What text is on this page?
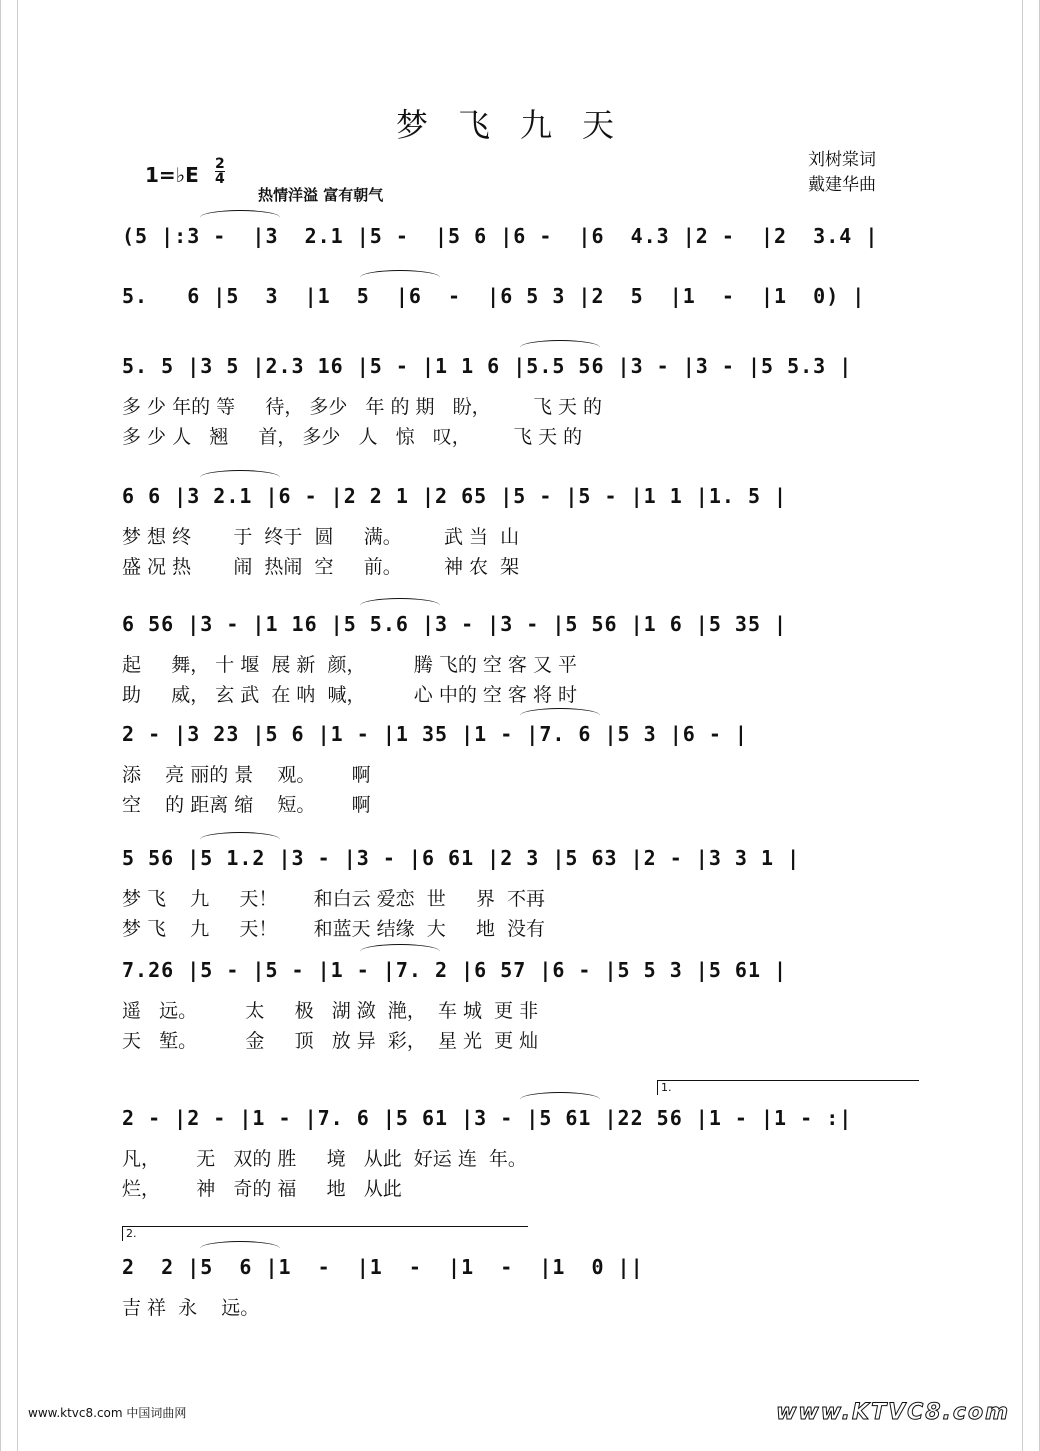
梦飞九天
刘树棠词
戴建华曲
1=♭E 2
4
热情洋溢 富有朝气
(5 |:3 -  |3  2.1 |5 -  |5 6 |6 -  |6  4.3 |2 -  |2  3.4 |
5.   6 |5  3  |1  5  |6  -  |6 5 3 |2  5  |1  -  |1  0) |
5. 5 |3 5 |2.3 16 |5 - |1 1 6 |5.5 56 |3 - |3 - |5 5.3 |
多 少 年的 等     待， 多少   年 的 期   盼，       飞 天 的
多 少 人   翘     首， 多少   人   惊   叹，       飞 天 的
6 6 |3 2.1 |6 - |2 2 1 |2 65 |5 - |5 - |1 1 |1. 5 |
梦 想 终       于  终于  圆     满。       武 当  山
盛 况 热       闹  热闹  空     前。       神 农  架
6 56 |3 - |1 16 |5 5.6 |3 - |3 - |5 56 |1 6 |5 35 |
起     舞， 十 堰  展 新  颜，        腾 飞的 空 客 又 平
助     威， 玄 武  在 呐  喊，        心 中的 空 客 将 时
2 - |3 23 |5 6 |1 - |1 35 |1 - |7. 6 |5 3 |6 - |
添    亮 丽的 景    观。      啊
空    的 距离 缩    短。      啊
5 56 |5 1.2 |3 - |3 - |6 61 |2 3 |5 63 |2 - |3 3 1 |
梦 飞    九     天！      和白云 爱恋  世     界  不再
梦 飞    九     天！      和蓝天 结缘  大     地  没有
7.26 |5 - |5 - |1 - |7. 2 |6 57 |6 - |5 5 3 |5 61 |
遥   远。        太     极   湖 潋  滟，  车 城  更 非
天   堑。        金     顶   放 异  彩，  星 光  更 灿
2 - |2 - |1 - |7. 6 |5 61 |3 - |5 61 |22 56 |1 - |1 - :|
凡，      无   双的 胜     境   从此  好运 连  年。
烂，      神   奇的 福     地   从此
2  2 |5  6 |1  -  |1  -  |1  -  |1  0 ||
吉 祥  永    远。
1.
2.
www.ktvc8.com 中国词曲网	www.KTVC8.com
